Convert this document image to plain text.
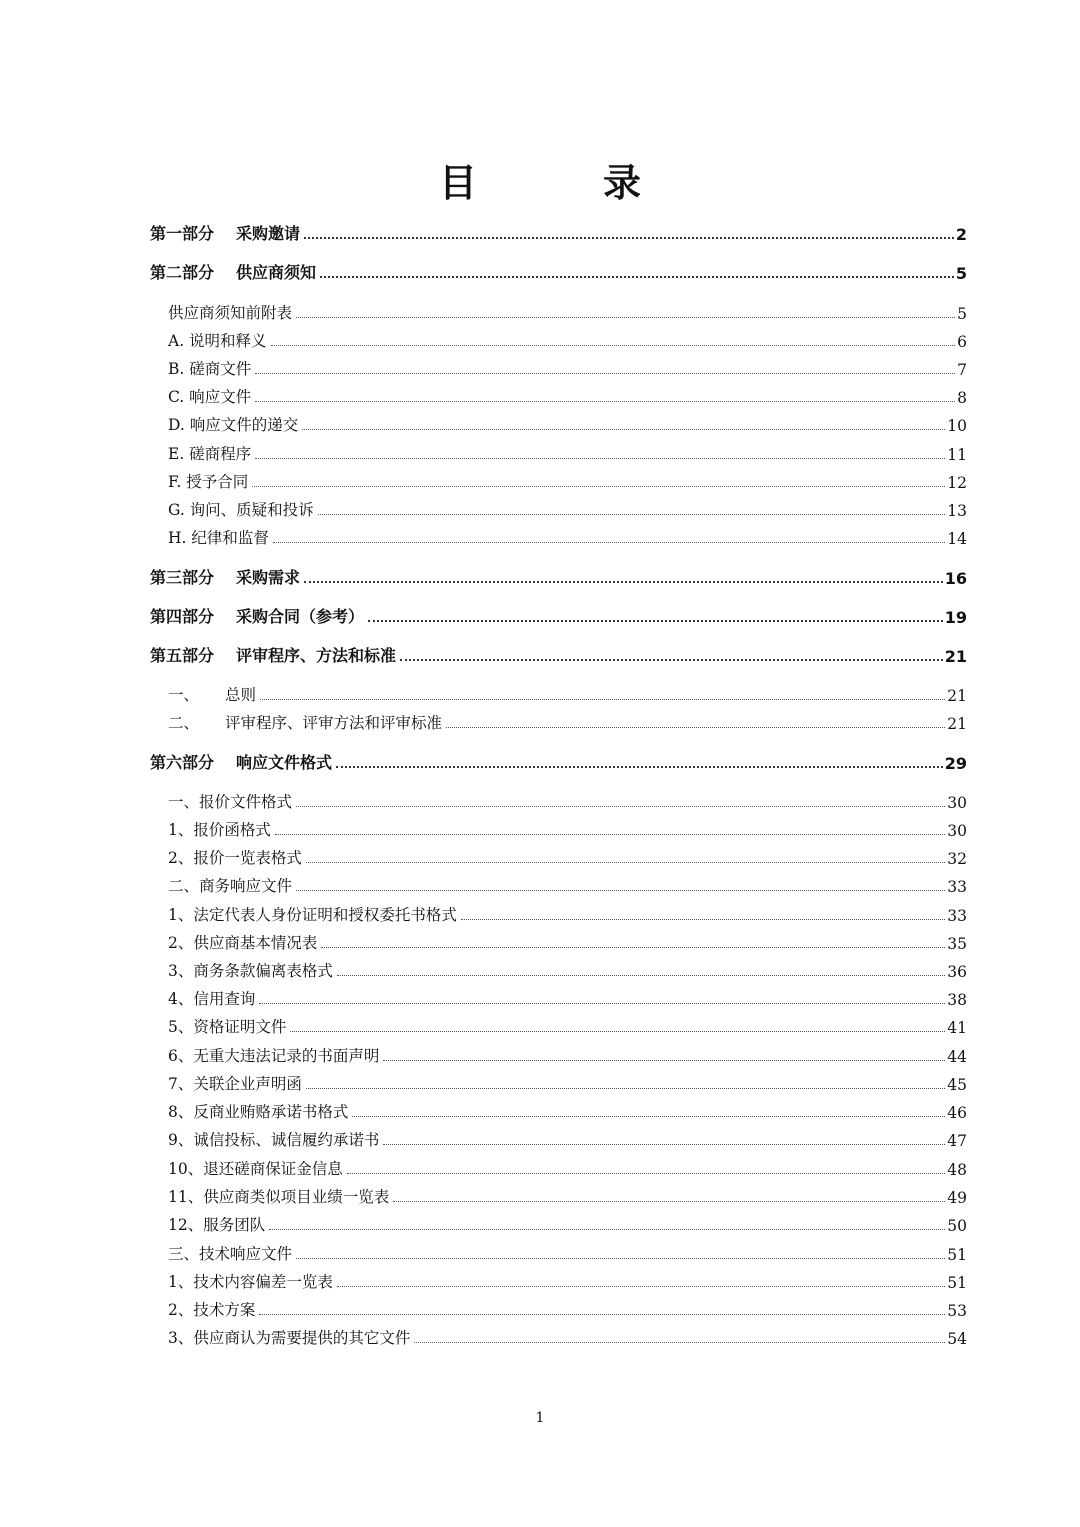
目　录
第一部分 采购邀请	2
第二部分 供应商须知	5
供应商须知前附表	5
A. 说明和释义	6
B. 磋商文件	7
C. 响应文件	8
D. 响应文件的递交	10
E. 磋商程序	11
F. 授予合同	12
G. 询问、质疑和投诉	13
H. 纪律和监督	14
第三部分 采购需求	16
第四部分 采购合同（参考）	19
第五部分 评审程序、方法和标准	21
一、 总则	21
二、 评审程序、评审方法和评审标准	21
第六部分 响应文件格式	29
一、报价文件格式	30
1、报价函格式	30
2、报价一览表格式	32
二、商务响应文件	33
1、法定代表人身份证明和授权委托书格式	33
2、供应商基本情况表	35
3、商务条款偏离表格式	36
4、信用查询	38
5、资格证明文件	41
6、无重大违法记录的书面声明	44
7、关联企业声明函	45
8、反商业贿赂承诺书格式	46
9、诚信投标、诚信履约承诺书	47
10、退还磋商保证金信息	48
11、供应商类似项目业绩一览表	49
12、服务团队	50
三、技术响应文件	51
1、技术内容偏差一览表	51
2、技术方案	53
3、供应商认为需要提供的其它文件	54
1
